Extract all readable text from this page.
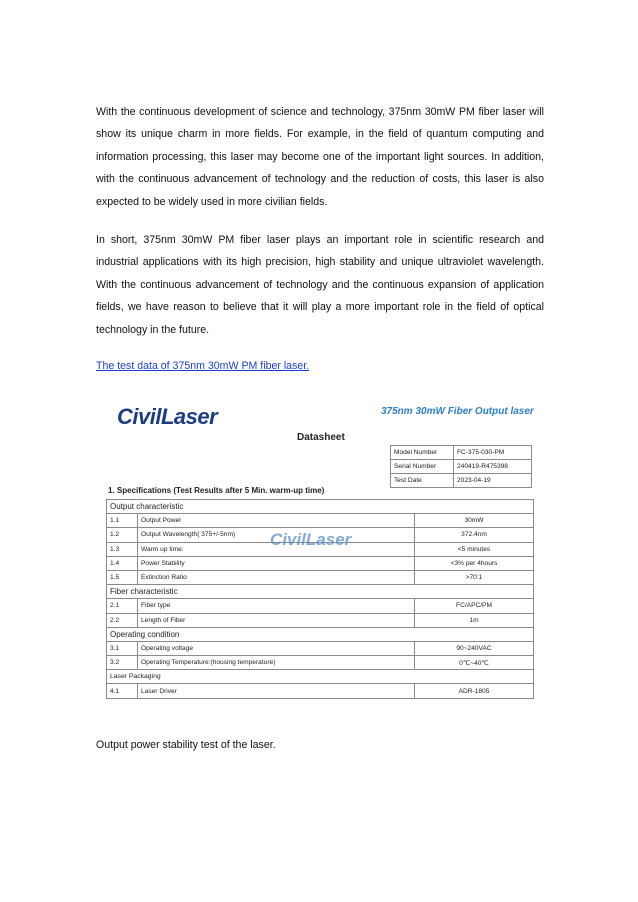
With the continuous development of science and technology, 375nm 30mW PM fiber laser will show its unique charm in more fields. For example, in the field of quantum computing and information processing, this laser may become one of the important light sources. In addition, with the continuous advancement of technology and the reduction of costs, this laser is also expected to be widely used in more civilian fields.

In short, 375nm 30mW PM fiber laser plays an important role in scientific research and industrial applications with its high precision, high stability and unique ultraviolet wavelength. With the continuous advancement of technology and the continuous expansion of application fields, we have reason to believe that it will play a more important role in the field of optical technology in the future.

The test data of 375nm 30mW PM fiber laser.
CivilLaser	375nm 30mW Fiber Output laser
Datasheet
Model Number	FC-375-030-PM
Serial Number	240419-R475398
Test Date	2023-04-19
1. Specifications (Test Results after 5 Min. warm-up time)
Output characteristic		
1.1	Output Power	30mW
1.2	Output Wavelength( 375+/-5nm)	372.4nm
1.3	Warm up time:	<5 minutes
1.4	Power Stability	<3% per 4hours
1.5	Extinction Ratio	>70:1
Fiber characteristic		
2.1	Fiber type	FC/APC/PM
2.2	Length of Fiber	1m
Operating condition		
3.1	Operating voltage	90~240VAC
3.2	Operating Temperature:(housing temperature)	0℃~40℃
Laser Packaging		
4.1	Laser Driver	ADR-1805
CivilLaser
Output power stability test of the laser.
